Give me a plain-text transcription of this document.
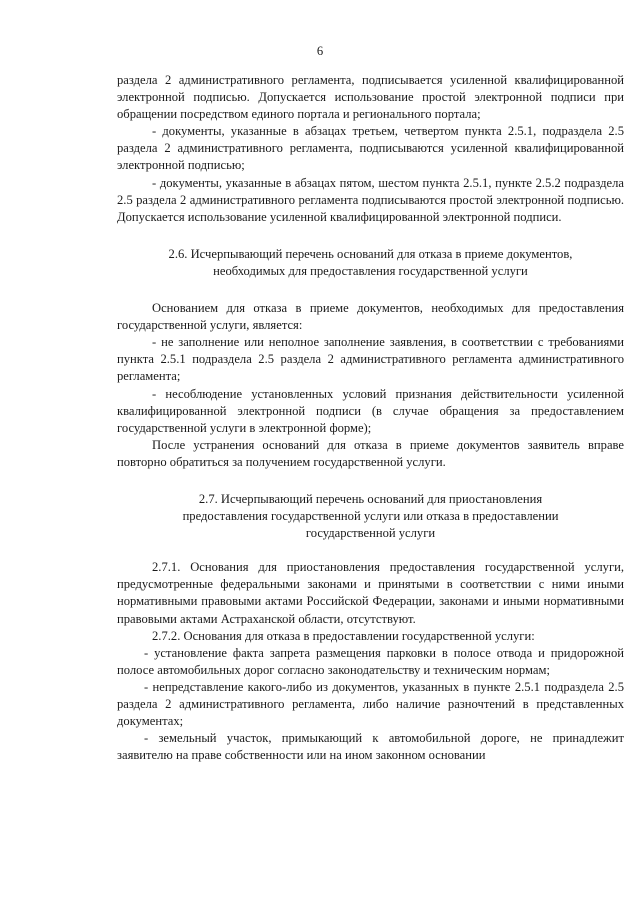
6

раздела 2 административного регламента, подписывается усиленной квалифицированной электронной подписью. Допускается использование простой электронной подписи при обращении посредством единого портала и регионального портала;

- документы, указанные в абзацах третьем, четвертом пункта 2.5.1, подраздела 2.5 раздела 2 административного регламента, подписываются усиленной квалифицированной электронной подписью;

- документы, указанные в абзацах пятом, шестом пункта 2.5.1, пункте 2.5.2 подраздела 2.5 раздела 2 административного регламента подписываются простой электронной подписью. Допускается использование усиленной квалифицированной электронной подписи.

2.6. Исчерпывающий перечень оснований для отказа в приеме документов,
необходимых для предоставления государственной услуги

Основанием для отказа в приеме документов, необходимых для предоставления государственной услуги, является:

- не заполнение или неполное заполнение заявления, в соответствии с требованиями пункта 2.5.1 подраздела 2.5 раздела 2 административного регламента административного регламента;

- несоблюдение установленных условий признания действительности усиленной квалифицированной электронной подписи (в случае обращения за предоставлением государственной услуги в электронной форме);

После устранения оснований для отказа в приеме документов заявитель вправе повторно обратиться за получением государственной услуги.

2.7. Исчерпывающий перечень оснований для приостановления
предоставления государственной услуги или отказа в предоставлении
государственной услуги

2.7.1. Основания для приостановления предоставления государственной услуги, предусмотренные федеральными законами и принятыми в соответствии с ними иными нормативными правовыми актами Российской Федерации, законами и иными нормативными правовыми актами Астраханской области, отсутствуют.

2.7.2. Основания для отказа в предоставлении государственной услуги:

- установление факта запрета размещения парковки в полосе отвода и придорожной полосе автомобильных дорог согласно законодательству и техническим нормам;

- непредставление какого-либо из документов, указанных в пункте 2.5.1 подраздела 2.5 раздела 2 административного регламента, либо наличие разночтений в представленных документах;

- земельный участок, примыкающий к автомобильной дороге, не принадлежит заявителю на праве собственности или на ином законном основании
